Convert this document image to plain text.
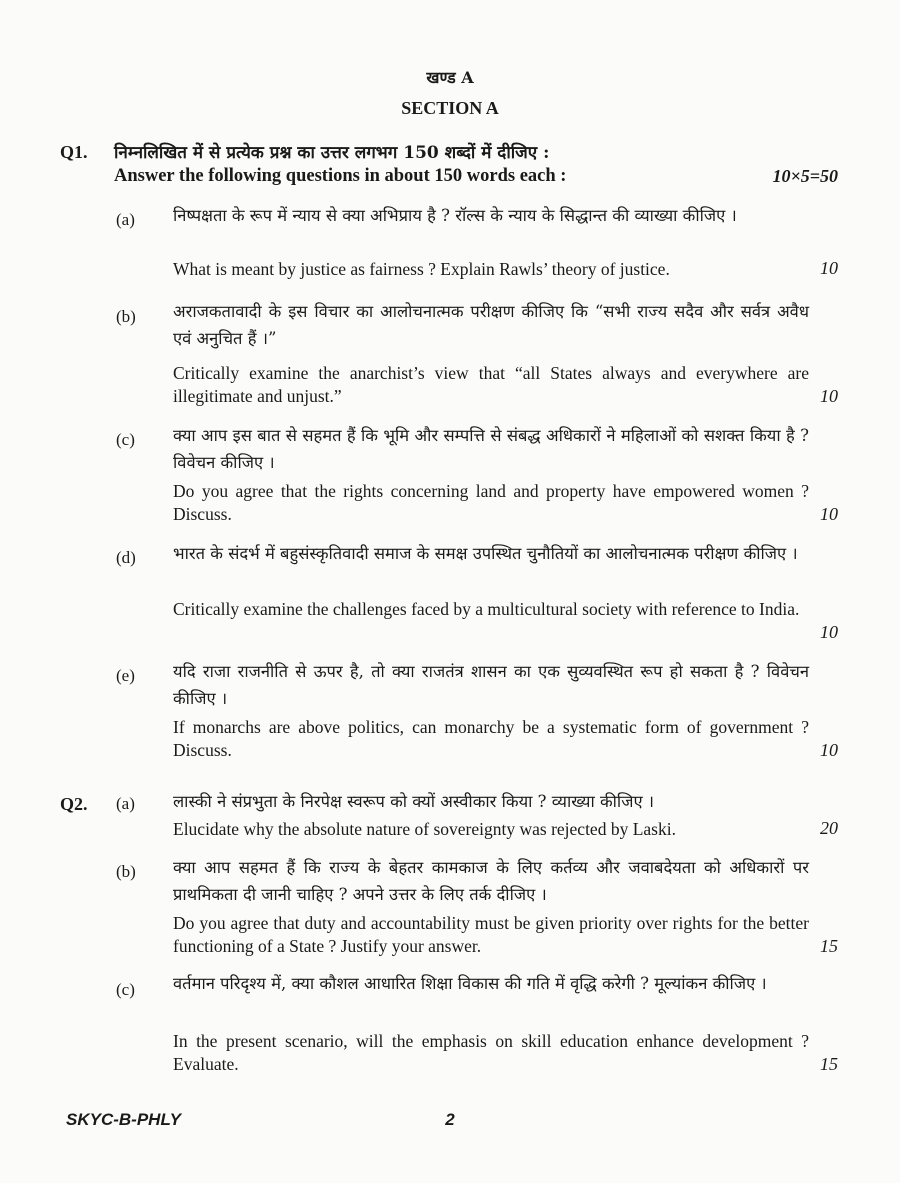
खण्ड A
SECTION A
Q1. निम्नलिखित में से प्रत्येक प्रश्न का उत्तर लगभग 150 शब्दों में दीजिए :
Answer the following questions in about 150 words each :	10×5=50
(a) निष्पक्षता के रूप में न्याय से क्या अभिप्राय है ? रॉल्स के न्याय के सिद्धान्त की व्याख्या कीजिए ।
What is meant by justice as fairness ? Explain Rawls’ theory of justice.	10
(b) अराजकतावादी के इस विचार का आलोचनात्मक परीक्षण कीजिए कि “सभी राज्य सदैव और सर्वत्र अवैध एवं अनुचित हैं ।”
Critically examine the anarchist’s view that “all States always and everywhere are illegitimate and unjust.”	10
(c) क्या आप इस बात से सहमत हैं कि भूमि और सम्पत्ति से संबद्ध अधिकारों ने महिलाओं को सशक्त किया है ? विवेचन कीजिए ।
Do you agree that the rights concerning land and property have empowered women ? Discuss.	10
(d) भारत के संदर्भ में बहुसंस्कृतिवादी समाज के समक्ष उपस्थित चुनौतियों का आलोचनात्मक परीक्षण कीजिए ।
Critically examine the challenges faced by a multicultural society with reference to India.
10
(e) यदि राजा राजनीति से ऊपर है, तो क्या राजतंत्र शासन का एक सुव्यवस्थित रूप हो सकता है ? विवेचन कीजिए ।
If monarchs are above politics, can monarchy be a systematic form of government ? Discuss.	10
Q2. (a) लास्की ने संप्रभुता के निरपेक्ष स्वरूप को क्यों अस्वीकार किया ? व्याख्या कीजिए ।
Elucidate why the absolute nature of sovereignty was rejected by Laski.	20
(b) क्या आप सहमत हैं कि राज्य के बेहतर कामकाज के लिए कर्तव्य और जवाबदेयता को अधिकारों पर प्राथमिकता दी जानी चाहिए ? अपने उत्तर के लिए तर्क दीजिए ।
Do you agree that duty and accountability must be given priority over rights for the better functioning of a State ? Justify your answer.	15
(c) वर्तमान परिदृश्य में, क्या कौशल आधारित शिक्षा विकास की गति में वृद्धि करेगी ? मूल्यांकन कीजिए ।
In the present scenario, will the emphasis on skill education enhance development ? Evaluate.	15
SKYC-B-PHLY	2
